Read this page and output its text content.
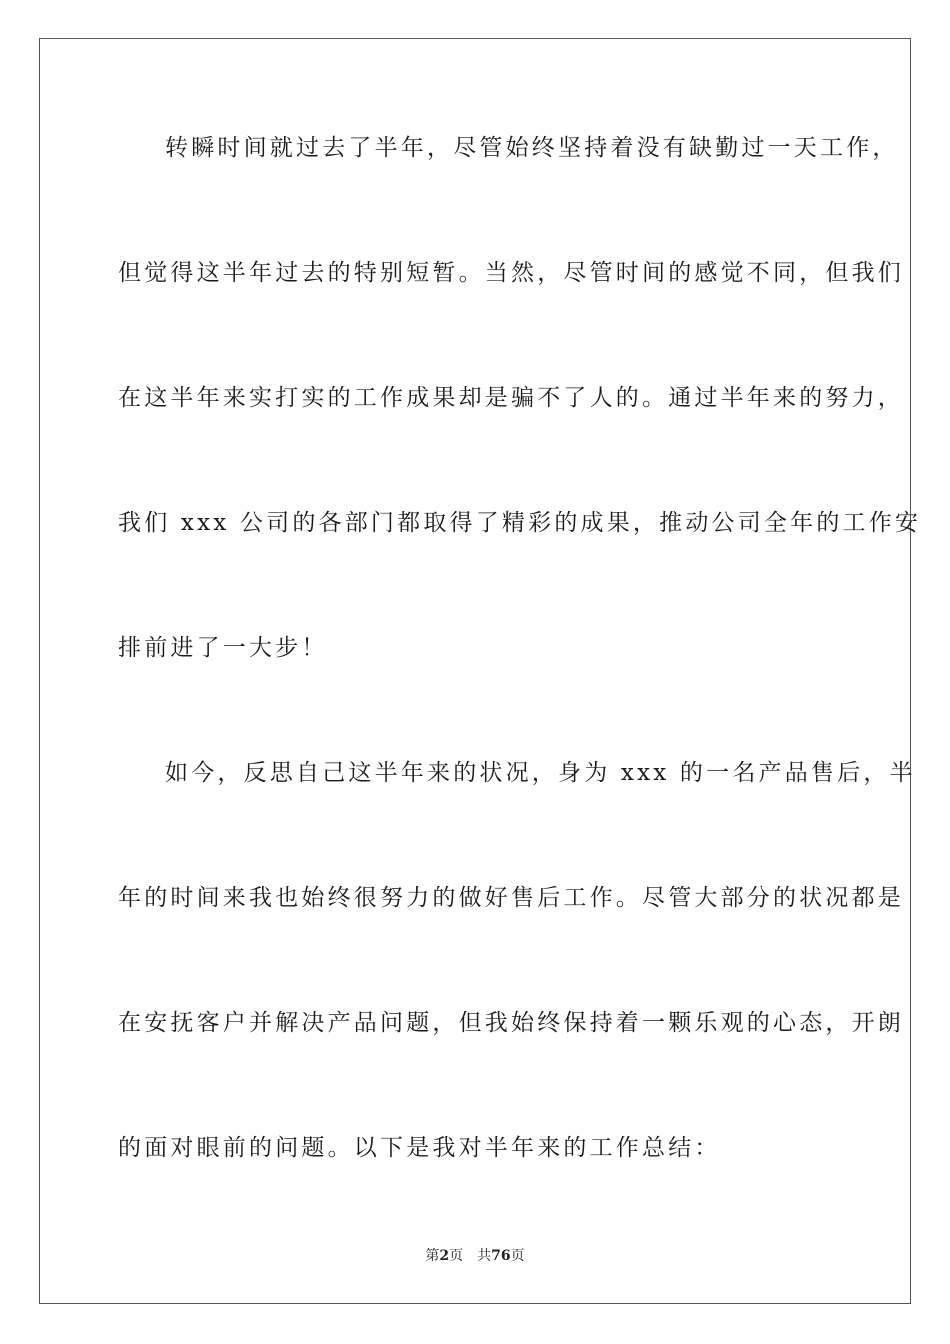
转瞬时间就过去了半年，尽管始终坚持着没有缺勤过一天工作，
但觉得这半年过去的特别短暂。当然，尽管时间的感觉不同，但我们
在这半年来实打实的工作成果却是骗不了人的。通过半年来的努力，
我们 xxx 公司的各部门都取得了精彩的成果，推动公司全年的工作安
排前进了一大步！
如今，反思自己这半年来的状况，身为 xxx 的一名产品售后，半
年的时间来我也始终很努力的做好售后工作。尽管大部分的状况都是
在安抚客户并解决产品问题，但我始终保持着一颗乐观的心态，开朗
的面对眼前的问题。以下是我对半年来的工作总结：
第2页 共76页
